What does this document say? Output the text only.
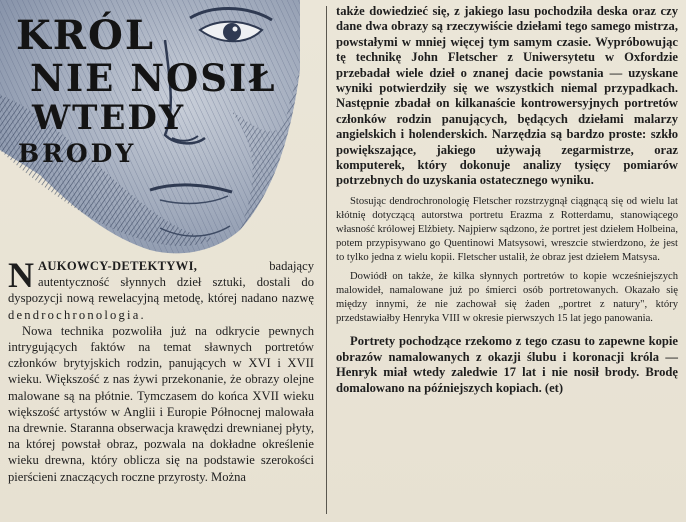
KRÓL
NIE NOSIŁ
WTEDY
BRODY

NAUKOWCY-DETEKTYWI, badający autentyczność słynnych dzieł sztuki, dostali do dyspozycji nową rewelacyjną metodę, której nadano nazwę dendrochronologia.

Nowa technika pozwoliła już na odkrycie pewnych intrygujących faktów na temat sławnych portretów członków brytyjskich rodzin, panujących w XVI i XVII wieku. Większość z nas żywi przekonanie, że obrazy olejne malowane są na płótnie. Tymczasem do końca XVII wieku większość artystów w Anglii i Europie Północnej malowała na drewnie. Staranna obserwacja krawędzi drewnianej płyty, na której powstał obraz, pozwala na dokładne określenie wieku drewna, który oblicza się na podstawie szerokości pierścieni znaczących roczne przyrosty. Można

także dowiedzieć się, z jakiego lasu pochodziła deska oraz czy dane dwa obrazy są rzeczywiście dziełami tego samego mistrza, powstałymi w mniej więcej tym samym czasie. Wypróbowując tę technikę John Fletscher z Uniwersytetu w Oxfordzie przebadał wiele dzieł o znanej dacie powstania — uzyskane wyniki potwierdziły się we wszystkich niemal przypadkach. Następnie zbadał on kilkanaście kontrowersyjnych portretów członków rodzin panujących, będących dziełami malarzy angielskich i holenderskich. Narzędzia są bardzo proste: szkło powiększające, jakiego używają zegarmistrze, oraz komputerek, który dokonuje analizy tysięcy pomiarów potrzebnych do uzyskania ostatecznego wyniku.

Stosując dendrochronologię Fletscher rozstrzygnął ciągnącą się od wielu lat kłótnię dotyczącą autorstwa portretu Erazma z Rotterdamu, stanowiącego własność królowej Elżbiety. Najpierw sądzono, że portret jest dziełem Holbeina, potem przypisywano go Quentinowi Matsysowi, wreszcie stwierdzono, że jest to tylko jedna z wielu kopii. Fletscher ustalił, że obraz jest dziełem Matsysa.

Dowiódł on także, że kilka słynnych portretów to kopie wcześniejszych malowideł, namalowane już po śmierci osób portretowanych. Okazało się między innymi, że nie zachował się żaden „portret z natury", który przedstawiałby Henryka VIII w okresie pierwszych 15 lat jego panowania.

Portrety pochodzące rzekomo z tego czasu to zapewne kopie obrazów namalowanych z okazji ślubu i koronacji króla — Henryk miał wtedy zaledwie 17 lat i nie nosił brody. Brodę domalowano na późniejszych kopiach. (et)
